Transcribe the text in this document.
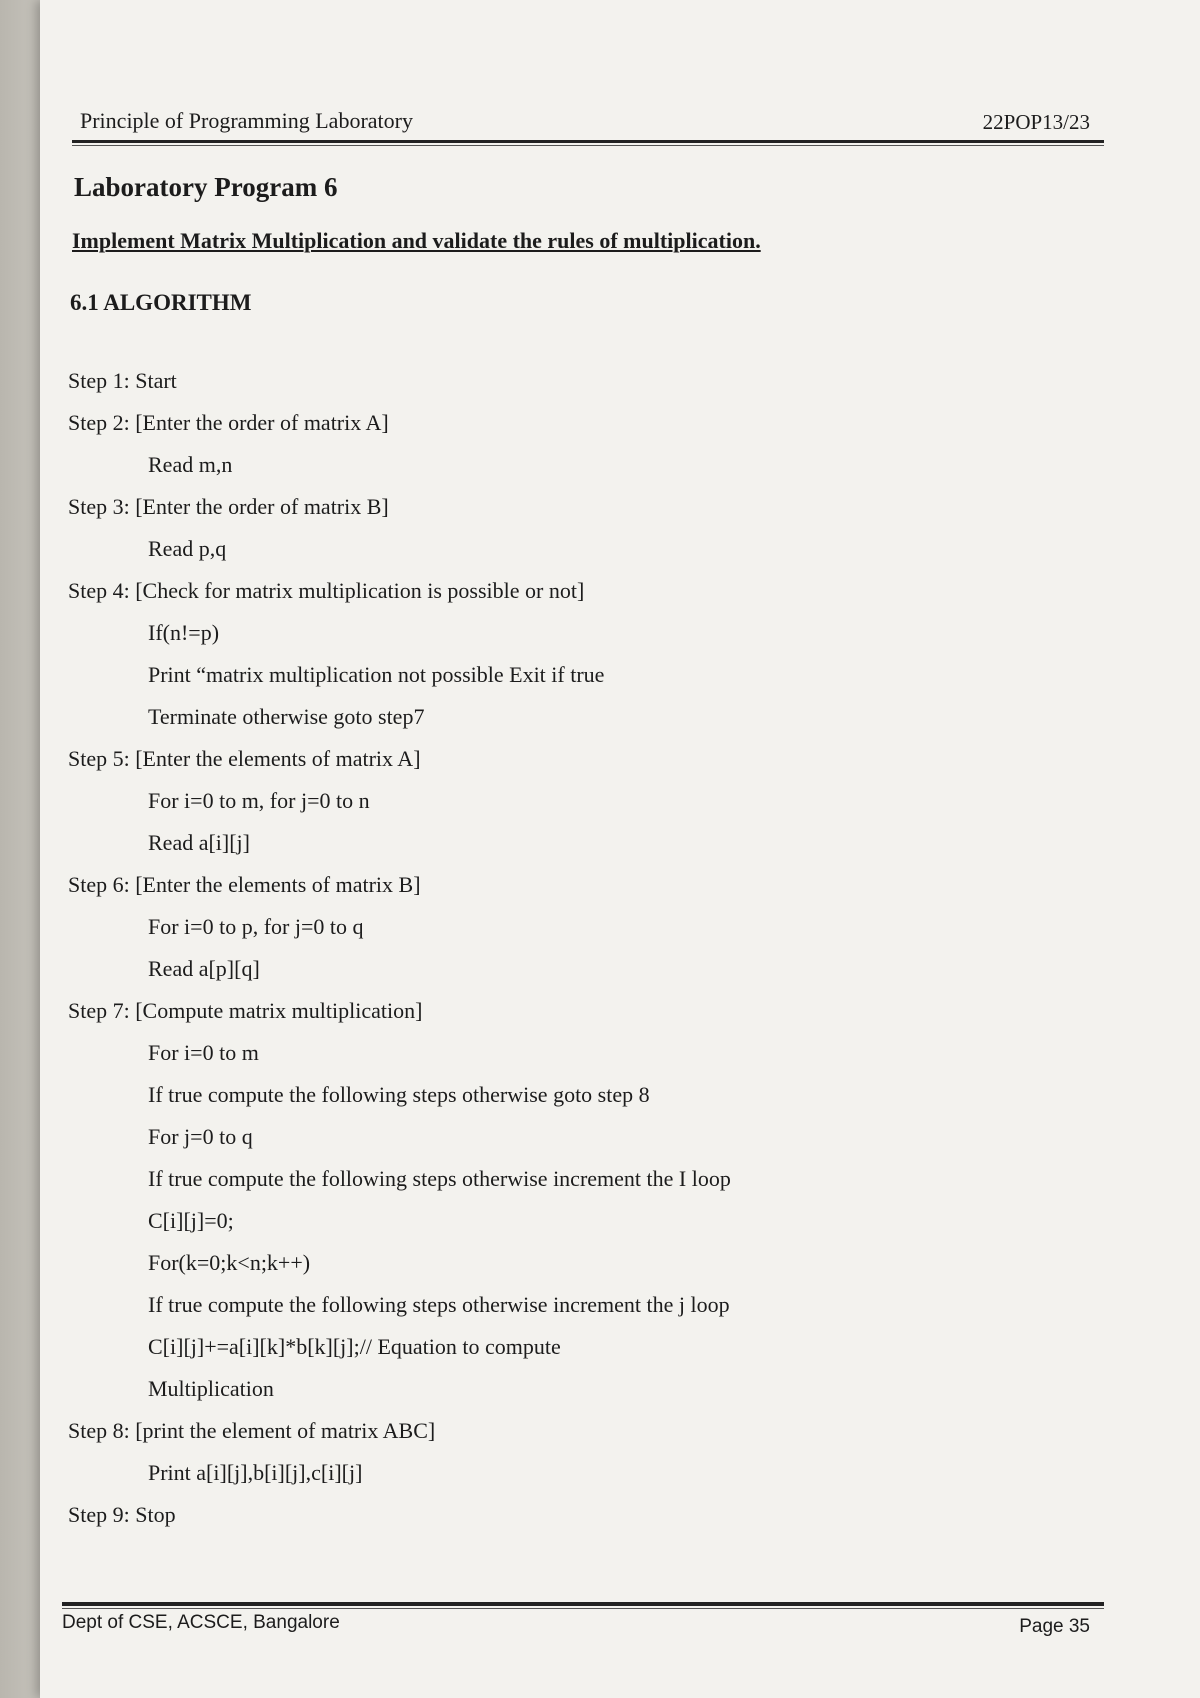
Principle of Programming Laboratory	22POP13/23
Laboratory Program 6
Implement Matrix Multiplication and validate the rules of multiplication.
6.1 ALGORITHM
Step 1: Start
Step 2: [Enter the order of matrix A]
Read m,n
Step 3: [Enter the order of matrix B]
Read p,q
Step 4: [Check for matrix multiplication is possible or not]
If(n!=p)
Print “matrix multiplication not possible Exit if true
Terminate otherwise goto step7
Step 5: [Enter the elements of matrix A]
For i=0 to m, for j=0 to n
Read a[i][j]
Step 6: [Enter the elements of matrix B]
For i=0 to p, for j=0 to q
Read a[p][q]
Step 7: [Compute matrix multiplication]
For i=0 to m
If true compute the following steps otherwise goto step 8
For j=0 to q
If true compute the following steps otherwise increment the I loop
C[i][j]=0;
For(k=0;k<n;k++)
If true compute the following steps otherwise increment the j loop
C[i][j]+=a[i][k]*b[k][j];// Equation to compute
Multiplication
Step 8: [print the element of matrix ABC]
Print a[i][j],b[i][j],c[i][j]
Step 9: Stop
Dept of CSE, ACSCE, Bangalore	Page 35
